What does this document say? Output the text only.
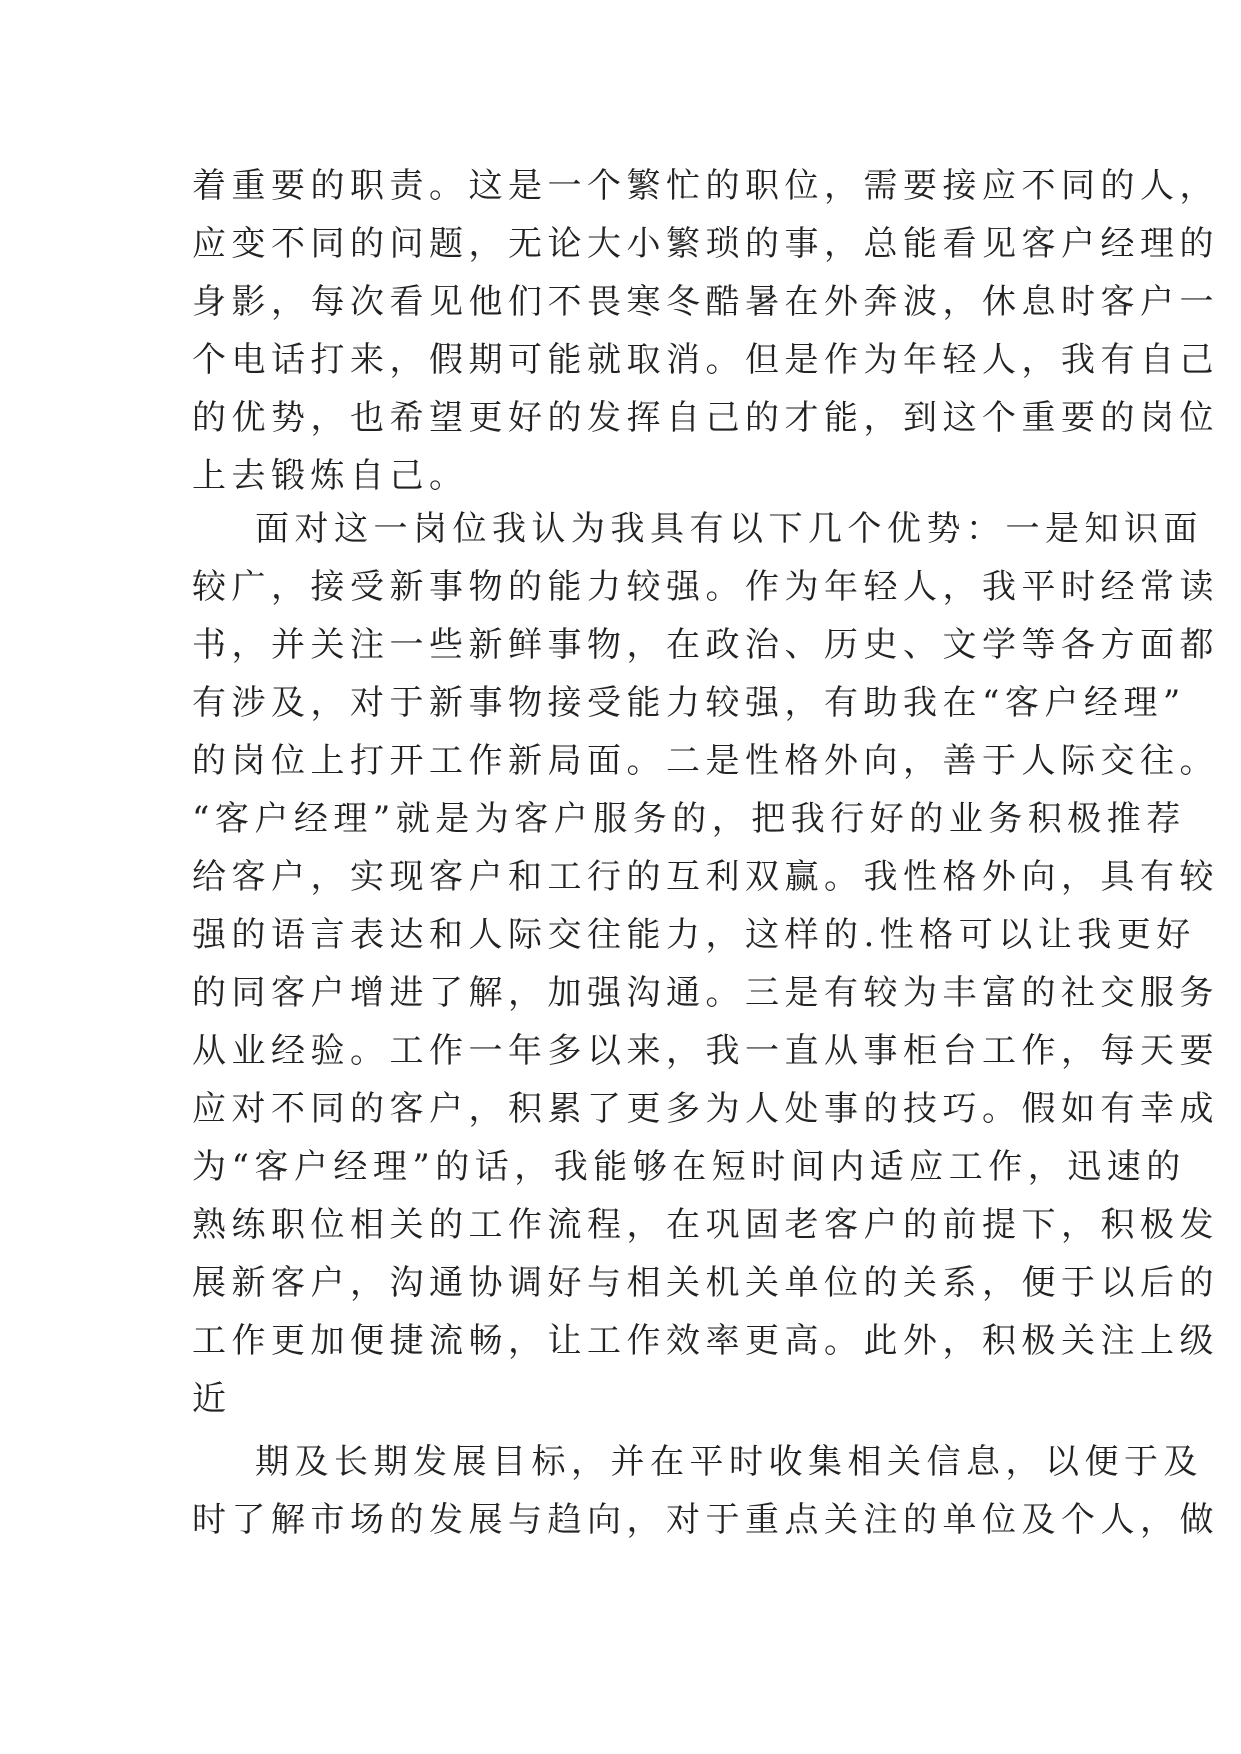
着重要的职责。这是一个繁忙的职位，需要接应不同的人，
应变不同的问题，无论大小繁琐的事，总能看见客户经理的
身影，每次看见他们不畏寒冬酷暑在外奔波，休息时客户一
个电话打来，假期可能就取消。但是作为年轻人，我有自己
的优势，也希望更好的发挥自己的才能，到这个重要的岗位
上去锻炼自己。
面对这一岗位我认为我具有以下几个优势：一是知识面
较广，接受新事物的能力较强。作为年轻人，我平时经常读
书，并关注一些新鲜事物，在政治、历史、文学等各方面都
有涉及，对于新事物接受能力较强，有助我在“客户经理”
的岗位上打开工作新局面。二是性格外向，善于人际交往。
“客户经理”就是为客户服务的，把我行好的业务积极推荐
给客户，实现客户和工行的互利双赢。我性格外向，具有较
强的语言表达和人际交往能力，这样的.性格可以让我更好
的同客户增进了解，加强沟通。三是有较为丰富的社交服务
从业经验。工作一年多以来，我一直从事柜台工作，每天要
应对不同的客户，积累了更多为人处事的技巧。假如有幸成
为“客户经理”的话，我能够在短时间内适应工作，迅速的
熟练职位相关的工作流程，在巩固老客户的前提下，积极发
展新客户，沟通协调好与相关机关单位的关系，便于以后的
工作更加便捷流畅，让工作效率更高。此外，积极关注上级
近
期及长期发展目标，并在平时收集相关信息，以便于及
时了解市场的发展与趋向，对于重点关注的单位及个人，做
